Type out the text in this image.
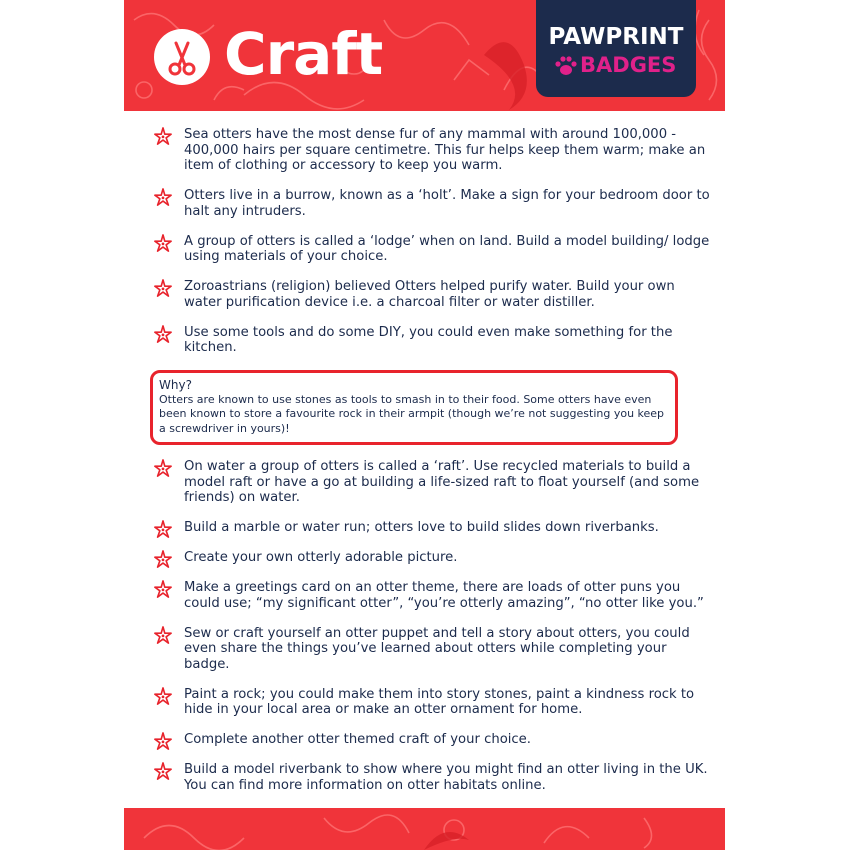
Craft	PAWPRINT
BADGES
Sea otters have the most dense fur of any mammal with around 100,000 - 400,000 hairs per square centimetre. This fur helps keep them warm; make an item of clothing or accessory to keep you warm.
Otters live in a burrow, known as a ‘holt’. Make a sign for your bedroom door to halt any intruders.
A group of otters is called a ‘lodge’ when on land. Build a model building/ lodge using materials of your choice.
Zoroastrians (religion) believed Otters helped purify water. Build your own water purification device i.e. a charcoal filter or water distiller.
Use some tools and do some DIY, you could even make something for the kitchen.
Why?
Otters are known to use stones as tools to smash in to their food. Some otters have even been known to store a favourite rock in their armpit (though we’re not suggesting you keep a screwdriver in yours)!
On water a group of otters is called a ‘raft’. Use recycled materials to build a model raft or have a go at building a life-sized raft to float yourself (and some friends) on water.
Build a marble or water run; otters love to build slides down riverbanks.
Create your own otterly adorable picture.
Make a greetings card on an otter theme, there are loads of otter puns you could use; “my significant otter”, “you’re otterly amazing”, “no otter like you.”
Sew or craft yourself an otter puppet and tell a story about otters, you could even share the things you’ve learned about otters while completing your badge.
Paint a rock; you could make them into story stones, paint a kindness rock to hide in your local area or make an otter ornament for home.
Complete another otter themed craft of your choice.
Build a model riverbank to show where you might find an otter living in the UK. You can find more information on otter habitats online.
